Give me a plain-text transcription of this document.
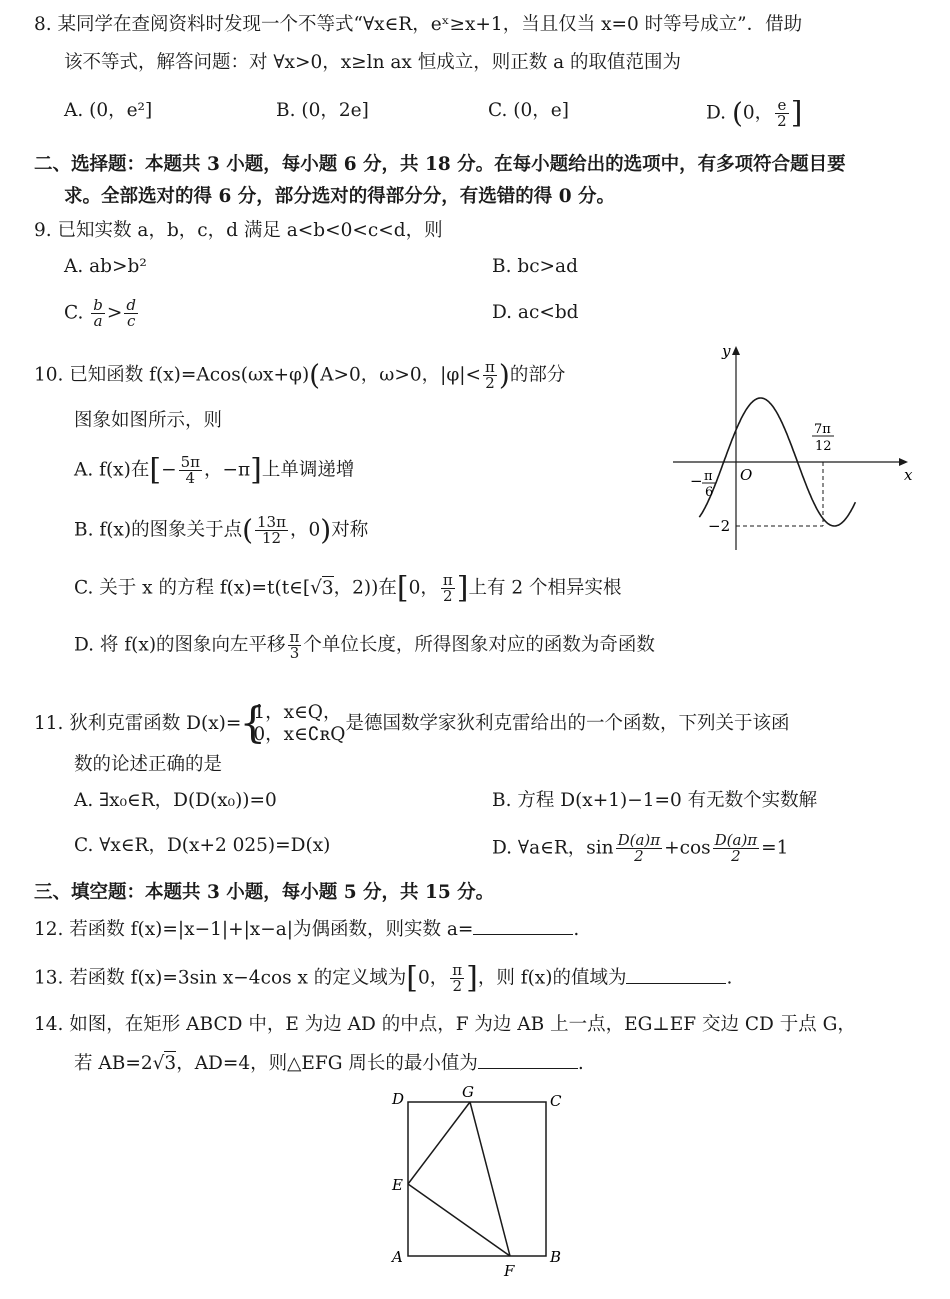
8. 某同学在查阅资料时发现一个不等式“∀x∈R，eˣ≥x+1，当且仅当 x=0 时等号成立”．借助
该不等式，解答问题：对 ∀x>0，x≥ln ax 恒成立，则正数 a 的取值范围为
A. (0，e²]	B. (0，2e]	C. (0，e]	D. (0， $\frac{e}{2}$ ]
二、选择题：本题共 3 小题，每小题 6 分，共 18 分。在每小题给出的选项中，有多项符合题目要
求。全部选对的得 6 分，部分选对的得部分分，有选错的得 0 分。
9. 已知实数 a，b，c，d 满足 a<b<0<c<d，则
A. ab>b²	B. bc>ad
C. $\frac{b}{a} > \frac{d}{c}$	D. ac<bd
10. 已知函数 f(x)=Acos(ωx+φ)(A>0，ω>0，$|\varphi|< \frac{\pi}{2}$ )的部分
图象如图所示，则
A. f(x)在[− $\frac{5\pi}{4}$ ，−π]上单调递增
B. f(x)的图象关于点( $\frac{13\pi}{12}$ ，0)对称
C. 关于 x 的方程 f(x)=t(t∈[√3，2))在[0， $\frac{\pi}{2}$ ]上有 2 个相异实根
D. 将 f(x)的图象向左平移 $\frac{\pi}{3}$ 个单位长度，所得图象对应的函数为奇函数
y
x
O
− π
6
7π
12
−2
11. 狄利克雷函数 D(x)=
{ 1，x∈Q，
0，x∈∁ʀQ
是德国数学家狄利克雷给出的一个函数，下列关于该函
数的论述正确的是
A. ∃x₀∈R，D(D(x₀))=0	B. 方程 D(x+1)−1=0 有无数个实数解
C. ∀x∈R，D(x+2 025)=D(x)	D. ∀a∈R，$\sin \frac{D(a)\pi}{2} +\cos \frac{D(a)\pi}{2} =1$
三、填空题：本题共 3 小题，每小题 5 分，共 15 分。
12. 若函数 f(x)=|x−1|+|x−a|为偶函数，则实数 a=	.
13. 若函数 f(x)=3sin x−4cos x 的定义域为[0， $\frac{\pi}{2}$ ]，则 f(x)的值域为	.
14. 如图，在矩形 ABCD 中，E 为边 AD 的中点，F 为边 AB 上一点，EG⊥EF 交边 CD 于点 G，
若 AB=2√3，AD=4，则△EFG 周长的最小值为	.
D	G	C
E
A
F
B
